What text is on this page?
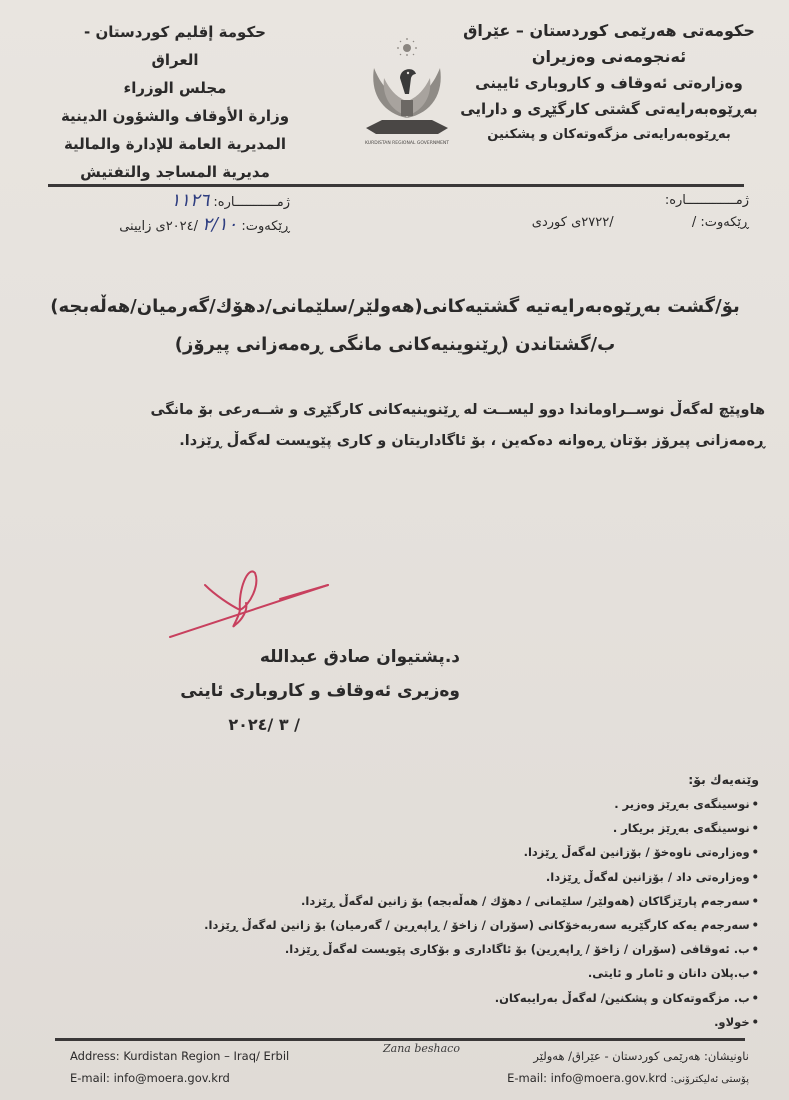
حکومەتی هەرێمی کوردستان – عێراق
ئەنجومەنی وەزیران
وەزارەتی ئەوقاف و کاروباری ئایینی
بەڕێوەبەرایەتی گشتی کارگێڕی و دارایی
بەڕێوەبەرایەتی مزگەوتەکان و پشکنین
KURDISTAN REGIONAL GOVERNMENT
حكومة إقليم كوردستان - العراق
مجلس الوزراء
وزارة الأوقاف والشؤون الدينية
المديرية العامة للإدارة والمالية
مديرية المساجد والتفتيش
ژمـــــــــــــارە:
ڕێکەوت: /  /٢٧٢٢ی کوردی
ژمـــــــــــارە: ١١٢٦
ڕێکەوت: ٢/١٠ /٢٠٢٤ی زایینی
بۆ/گشت بەڕێوەبەرایەتیە گشتیەکانی(هەولێر/سلێمانی/دهۆك/گەرمیان/هەڵەبجە)
ب/گشتاندن (ڕێنوینیەکانی مانگی ڕەمەزانی پیرۆز)

هاوپێچ لەگەڵ نوســراوماندا دوو لیســت لە ڕێنوینیەکانی کارگێڕی و شــەرعی بۆ مانگی

ڕەمەزانی پیرۆز بۆتان ڕەوانە دەکەین ، بۆ ئاگاداریتان و کاری پێویست لەگەڵ ڕێزدا.

د.پشتیوان صادق عبدالله
وەزیری ئەوقاف و کاروباری ئاینی
/ ٣ /٢٠٢٤
وێنەیەك بۆ:
•نوسینگەی بەڕێز وەزیر .
•نوسینگەی بەڕێز بریکار .
•وەزارەتی ناوەخۆ / بۆزانین لەگەڵ ڕێزدا.
•وەزارەتی داد / بۆزانین لەگەڵ ڕێزدا.
•سەرجەم پارێزگاکان (هەولێر/ سلێمانی / دهۆك / هەڵەبجە) بۆ زانین لەگەڵ ڕێزدا.
•سەرجەم یەکە کارگێریە سەربەخۆکانی (سۆران / زاخۆ / ڕاپەڕین / گەرمیان) بۆ زانین لەگەڵ ڕێزدا.
•ب. ئەوقافی (سۆران / زاخۆ / ڕاپەڕین) بۆ ئاگاداری و بۆکاری پێویست لەگەڵ ڕێزدا.
•ب.پلان دانان و ئامار و ئایتی.
•ب. مزگەوتەکان و پشکنین/ لەگەڵ بەرایبەکان.
•خولاو.
Address: Kurdistan Region – Iraq/ Erbil
E-mail: info@moera.gov.krd
Zana beshaco
ناونیشان: هەرێمی کوردستان - عێراق/ هەولێر
E-mail: info@moera.gov.krd پۆستی ئەلیکترۆنی:
